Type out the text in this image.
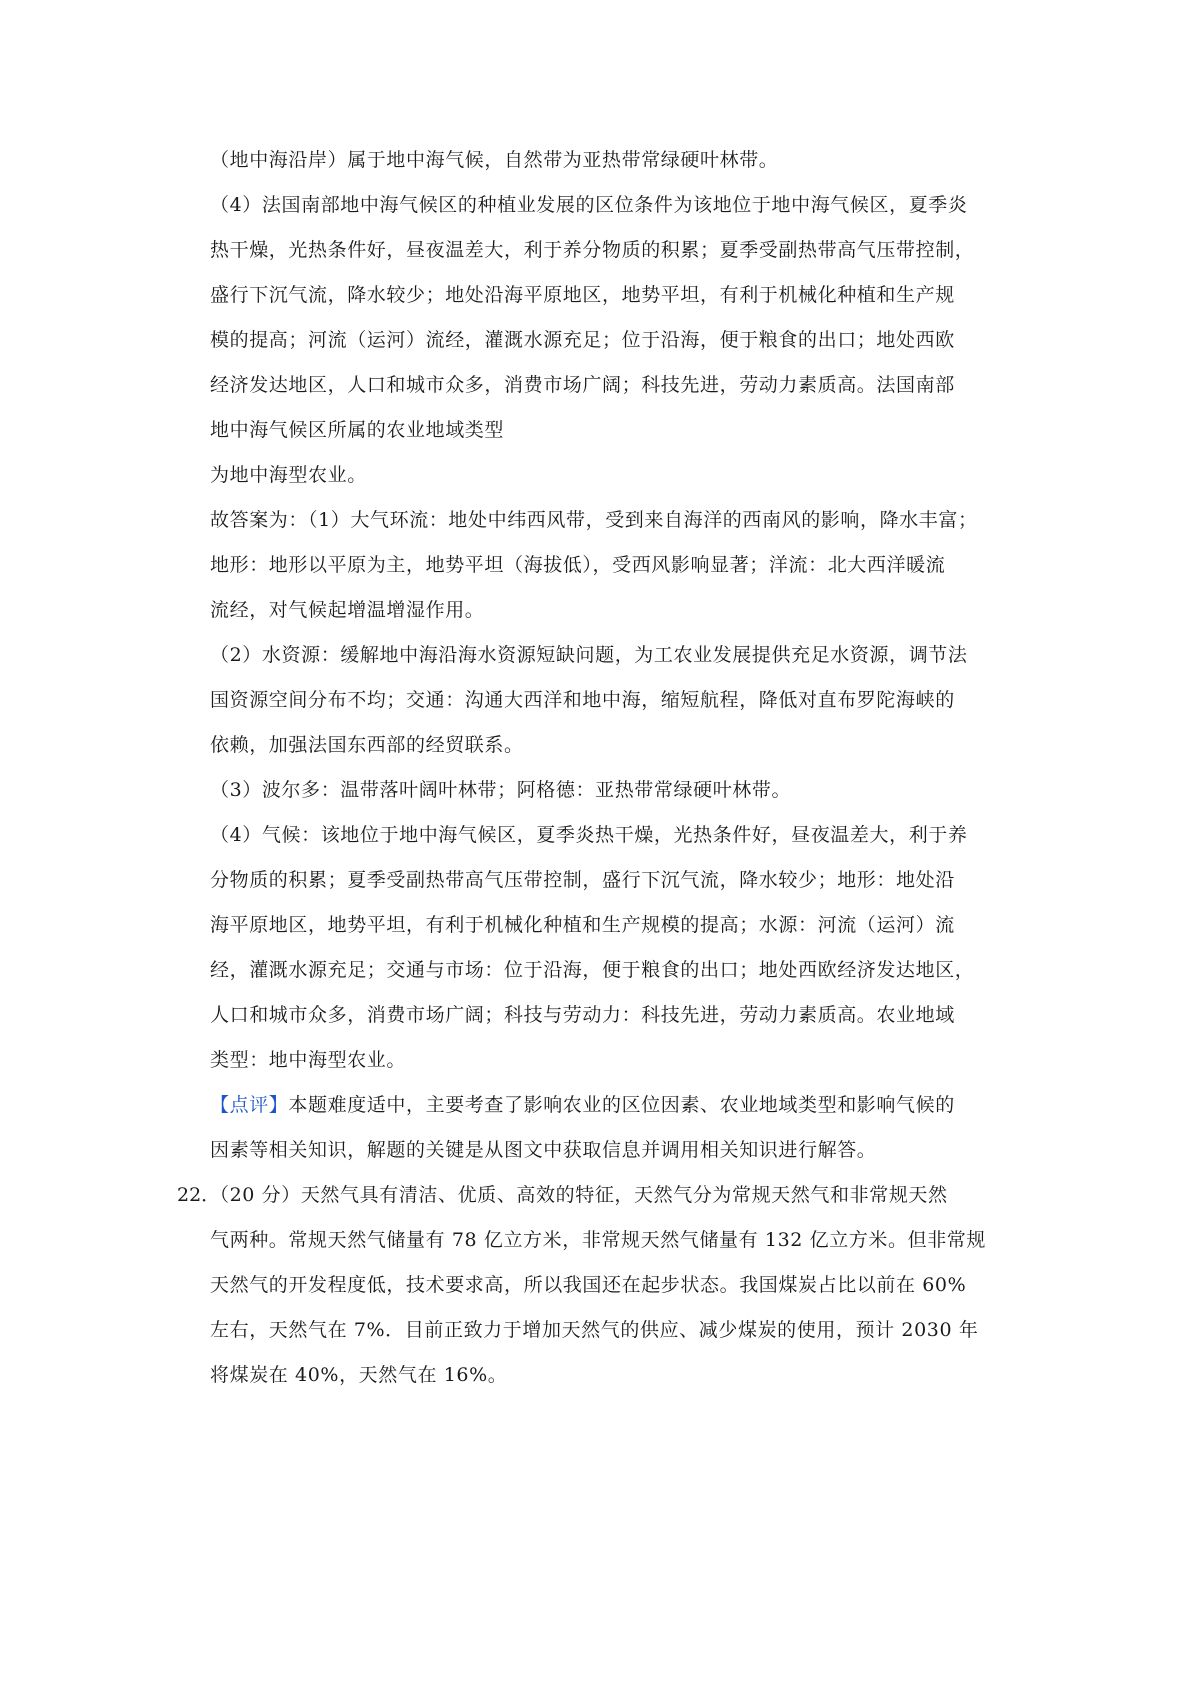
（地中海沿岸）属于地中海气候，自然带为亚热带常绿硬叶林带。
（4）法国南部地中海气候区的种植业发展的区位条件为该地位于地中海气候区，夏季炎
热干燥，光热条件好，昼夜温差大，利于养分物质的积累；夏季受副热带高气压带控制，
盛行下沉气流，降水较少；地处沿海平原地区，地势平坦，有利于机械化种植和生产规
模的提高；河流（运河）流经，灌溉水源充足；位于沿海，便于粮食的出口；地处西欧
经济发达地区，人口和城市众多，消费市场广阔；科技先进，劳动力素质高。法国南部
地中海气候区所属的农业地域类型
为地中海型农业。
故答案为：（1）大气环流：地处中纬西风带，受到来自海洋的西南风的影响，降水丰富；
地形：地形以平原为主，地势平坦（海拔低），受西风影响显著；洋流：北大西洋暖流
流经，对气候起增温增湿作用。
（2）水资源：缓解地中海沿海水资源短缺问题，为工农业发展提供充足水资源，调节法
国资源空间分布不均；交通：沟通大西洋和地中海，缩短航程，降低对直布罗陀海峡的
依赖，加强法国东西部的经贸联系。
（3）波尔多：温带落叶阔叶林带；阿格德：亚热带常绿硬叶林带。
（4）气候：该地位于地中海气候区，夏季炎热干燥，光热条件好，昼夜温差大，利于养
分物质的积累；夏季受副热带高气压带控制，盛行下沉气流，降水较少；地形：地处沿
海平原地区，地势平坦，有利于机械化种植和生产规模的提高；水源：河流（运河）流
经，灌溉水源充足；交通与市场：位于沿海，便于粮食的出口；地处西欧经济发达地区，
人口和城市众多，消费市场广阔；科技与劳动力：科技先进，劳动力素质高。农业地域
类型：地中海型农业。
【点评】本题难度适中，主要考查了影响农业的区位因素、农业地域类型和影响气候的
因素等相关知识，解题的关键是从图文中获取信息并调用相关知识进行解答。
22．
（20 分）天然气具有清洁、优质、高效的特征，天然气分为常规天然气和非常规天然
气两种。常规天然气储量有 78 亿立方米，非常规天然气储量有 132 亿立方米。但非常规
天然气的开发程度低，技术要求高，所以我国还在起步状态。我国煤炭占比以前在 60%
左右，天然气在 7%．目前正致力于增加天然气的供应、减少煤炭的使用，预计 2030 年
将煤炭在 40%，天然气在 16%。
